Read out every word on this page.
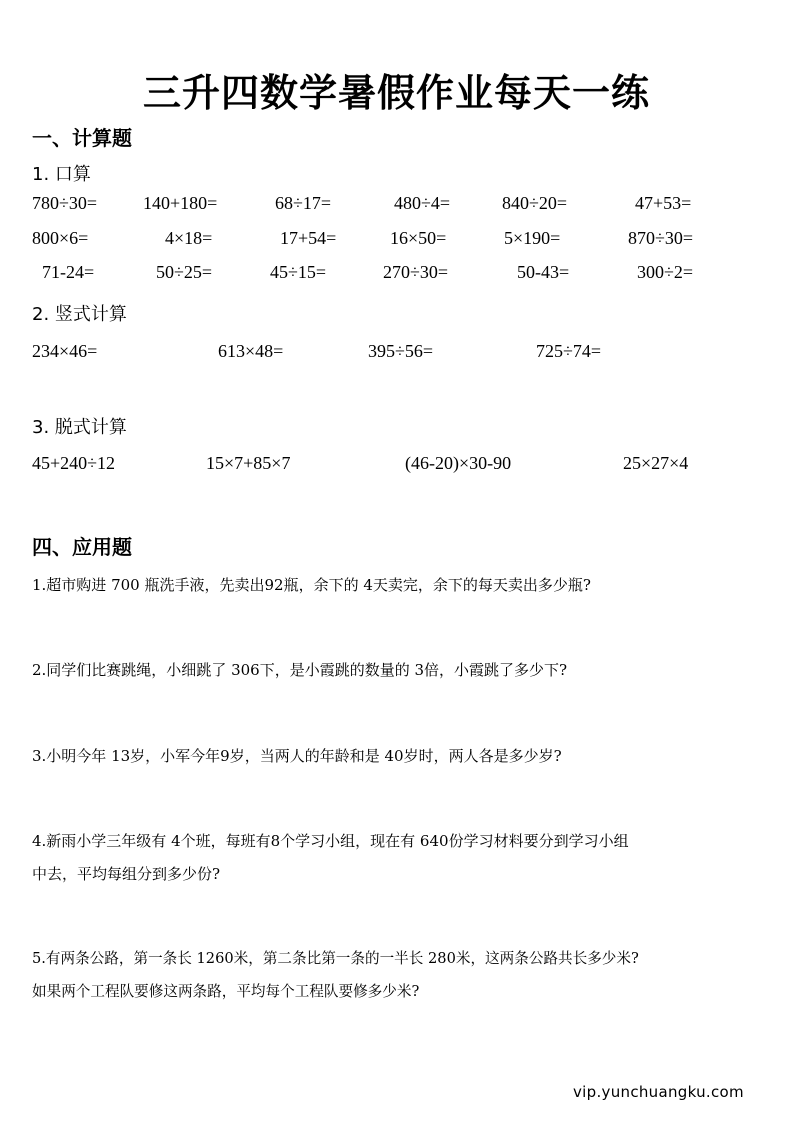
三升四数学暑假作业每天一练
一、计算题
1. 口算
780÷30=	140+180=	68÷17=	480÷4=	840÷20=	47+53=
800×6=	4×18=	17+54=	16×50=	5×190=	870÷30=
71-24=	50÷25=	45÷15=	270÷30=	50-43=	300÷2=
2. 竖式计算
234×46=	613×48=	395÷56=	725÷74=
3. 脱式计算
45+240÷12	15×7+85×7	(46-20)×30-90	25×27×4
四、应用题
1.超市购进 700 瓶洗手液，先卖出92瓶，余下的 4天卖完，余下的每天卖出多少瓶?
2.同学们比赛跳绳，小细跳了 306下，是小霞跳的数量的 3倍，小霞跳了多少下?
3.小明今年 13岁，小军今年9岁，当两人的年龄和是 40岁时，两人各是多少岁?
4.新雨小学三年级有 4个班，每班有8个学习小组，现在有 640份学习材料要分到学习小组
中去，平均每组分到多少份?
5.有两条公路，第一条长 1260米，第二条比第一条的一半长 280米，这两条公路共长多少米?
如果两个工程队要修这两条路，平均每个工程队要修多少米?
vip.yunchuangku.com
